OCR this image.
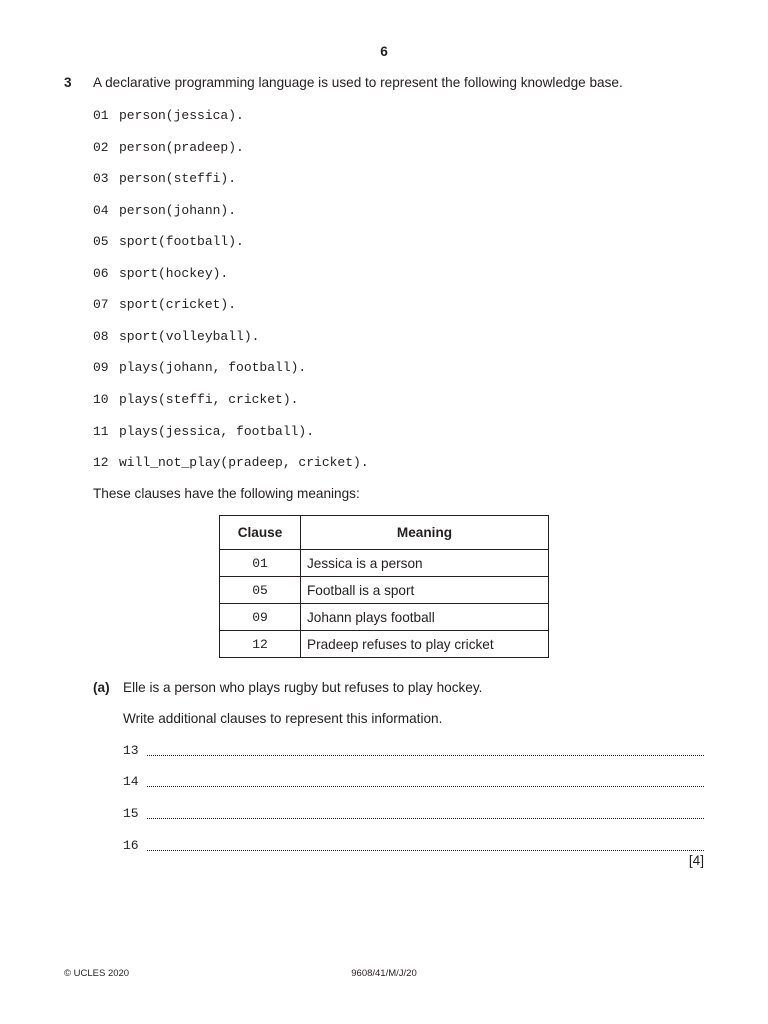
6
3 A declarative programming language is used to represent the following knowledge base.
01 person(jessica).
02 person(pradeep).
03 person(steffi).
04 person(johann).
05 sport(football).
06 sport(hockey).
07 sport(cricket).
08 sport(volleyball).
09 plays(johann, football).
10 plays(steffi, cricket).
11 plays(jessica, football).
12 will_not_play(pradeep, cricket).
These clauses have the following meanings:
Clause	Meaning
01	Jessica is a person
05	Football is a sport
09	Johann plays football
12	Pradeep refuses to play cricket
(a) Elle is a person who plays rugby but refuses to play hockey.
Write additional clauses to represent this information.
13
14
15
16
[4]
© UCLES 2020	9608/41/M/J/20
